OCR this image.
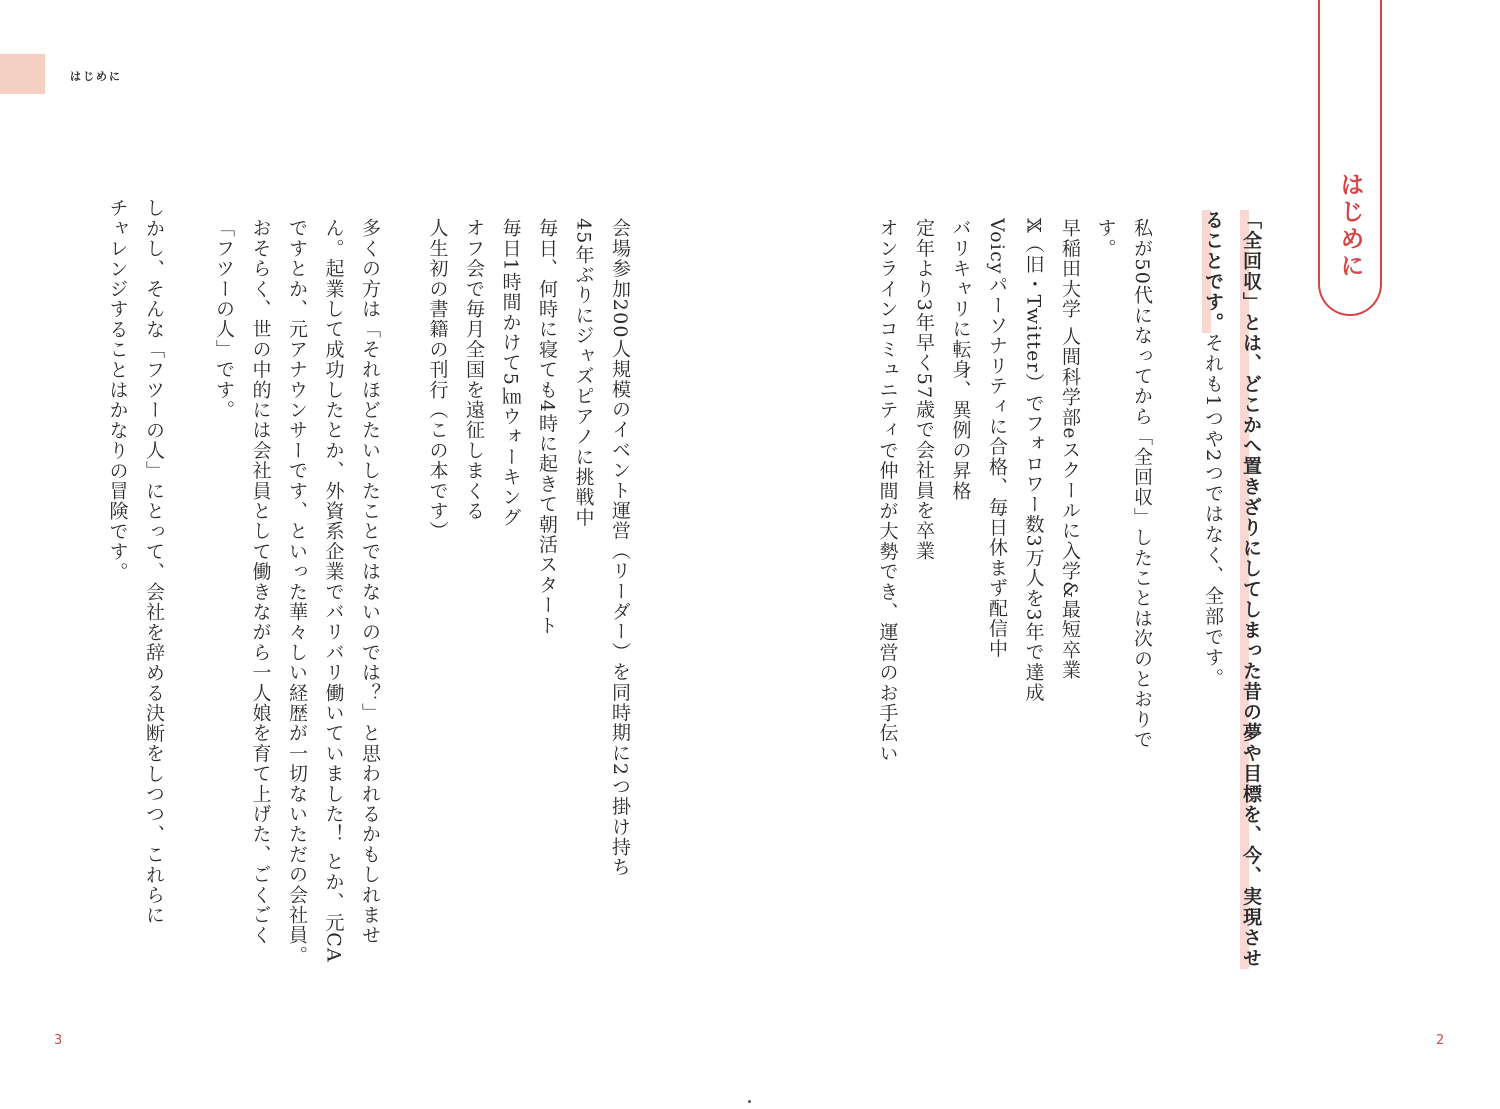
はじめに
はじめに
「全回収」とは、どこかへ置きざりにしてしまった昔の夢や目標を、今、実現させることです。それも1つや2つではなく、全部です。

私が50代になってから「全回収」したことは次のとおりです。

早稲田大学 人間科学部eスクールに入学&最短卒業

𝕏（旧・Twitter）でフォロワー数3万人を3年で達成

Voicyパーソナリティに合格、毎日休まず配信中

バリキャリに転身、異例の昇格

定年より3年早く57歳で会社員を卒業

オンラインコミュニティで仲間が大勢でき、運営のお手伝い

会場参加200人規模のイベント運営（リーダー）を同時期に2つ掛け持ち

45年ぶりにジャズピアノに挑戦中

毎日、何時に寝ても4時に起きて朝活スタート

毎日1時間かけて5㎞ウォーキング

オフ会で毎月全国を遠征しまくる

人生初の書籍の刊行（この本です）

多くの方は「それほどたいしたことではないのでは？」と思われるかもしれませ

ん。起業して成功したとか、外資系企業でバリバリ働いていました！ とか、元CA

ですとか、元アナウンサーです、といった華々しい経歴が一切ないただの会社員。

おそらく、世の中的には会社員として働きながら一人娘を育て上げた、ごくごく

「フツーの人」です。

しかし、そんな「フツーの人」にとって、会社を辞める決断をしつつ、これらに

チャレンジすることはかなりの冒険です。

3	2
